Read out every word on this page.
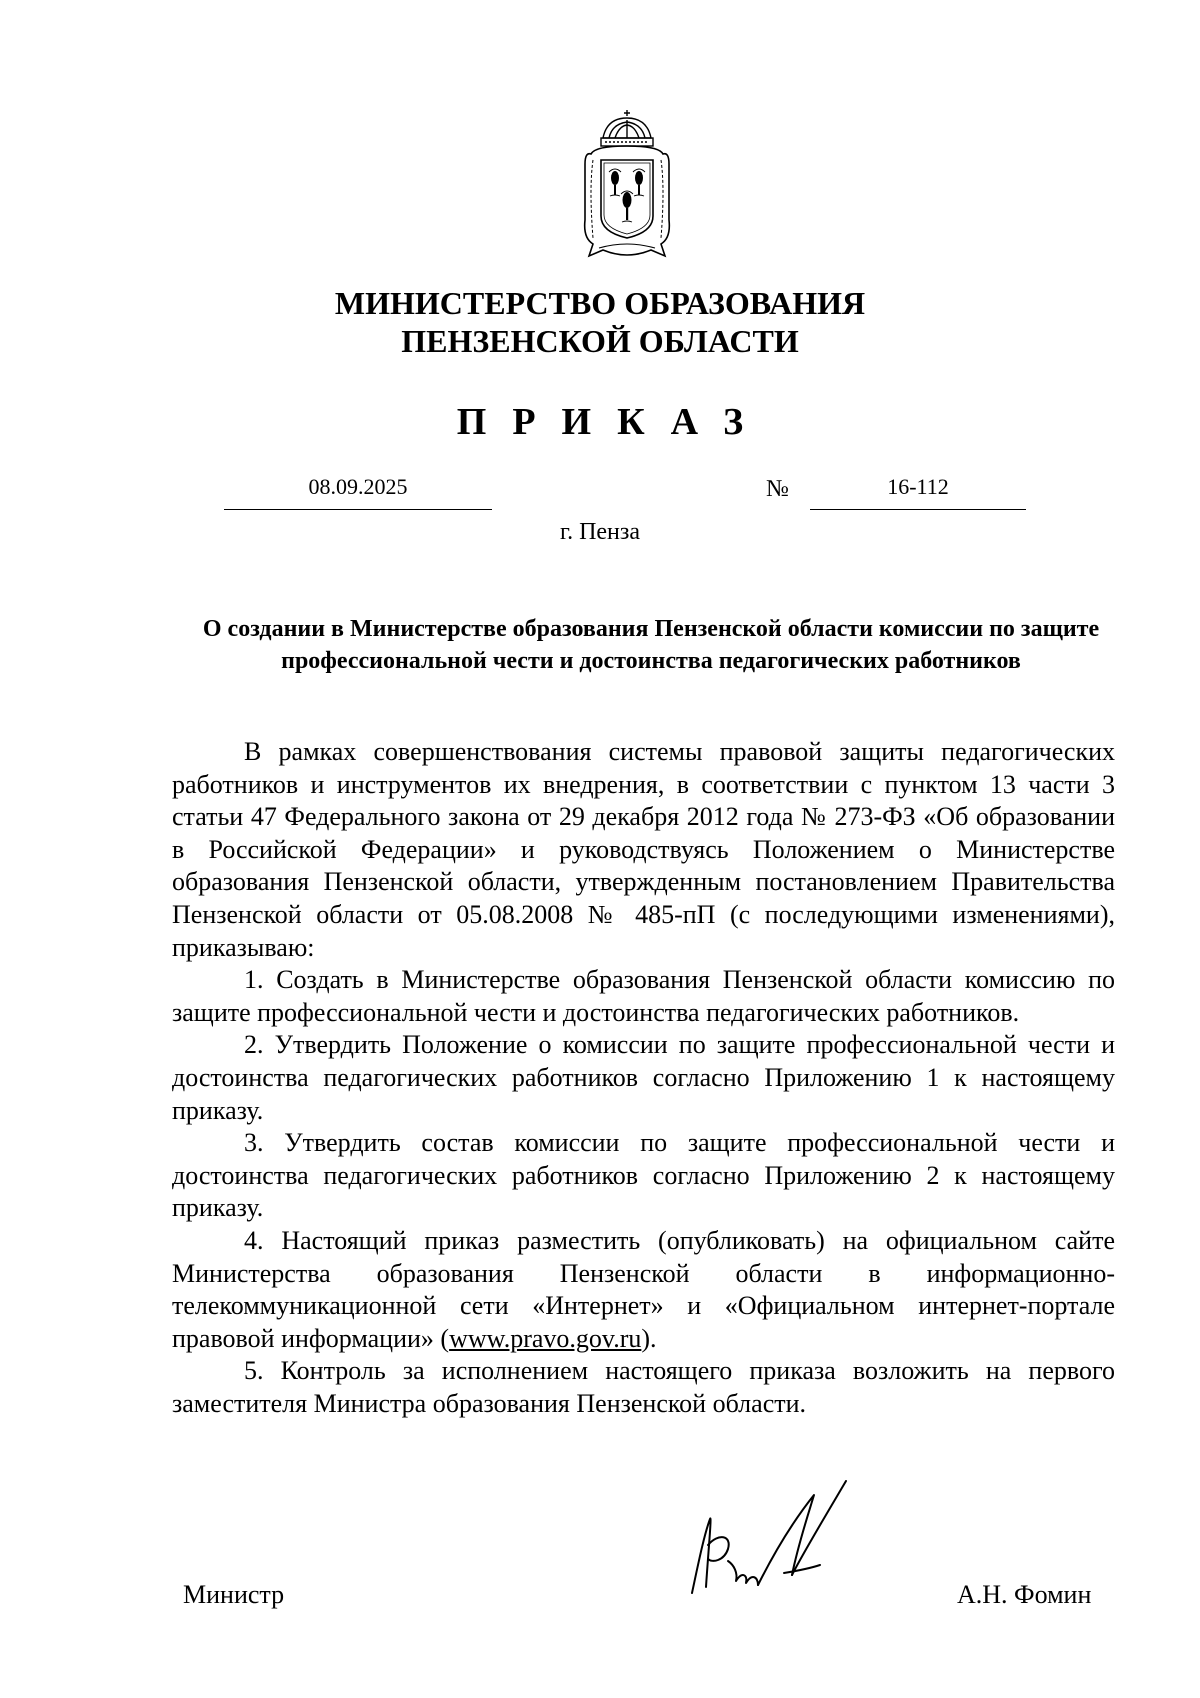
МИНИСТЕРСТВО ОБРАЗОВАНИЯ
ПЕНЗЕНСКОЙ ОБЛАСТИ
ПРИКАЗ
08.09.2025	№	16-112
г. Пенза
О создании в Министерстве образования Пензенской области комиссии по защите профессиональной чести и достоинства педагогических работников

В рамках совершенствования системы правовой защиты педагогических работников и инструментов их внедрения, в соответствии с пунктом 13 части 3 статьи 47 Федерального закона от 29 декабря 2012 года № 273-ФЗ «Об образовании в Российской Федерации» и руководствуясь Положением о Министерстве образования Пензенской области, утвержденным постановлением Правительства Пензенской области от 05.08.2008 № 485-пП (с последующими изменениями), приказываю:

1. Создать в Министерстве образования Пензенской области комиссию по защите профессиональной чести и достоинства педагогических работников.

2. Утвердить Положение о комиссии по защите профессиональной чести и достоинства педагогических работников согласно Приложению 1 к настоящему приказу.

3. Утвердить состав комиссии по защите профессиональной чести и достоинства педагогических работников согласно Приложению 2 к настоящему приказу.

4. Настоящий приказ разместить (опубликовать) на официальном сайте Министерства образования Пензенской области в информационно-телекоммуникационной сети «Интернет» и «Официальном интернет-портале правовой информации» (www.pravo.gov.ru).

5. Контроль за исполнением настоящего приказа возложить на первого заместителя Министра образования Пензенской области.

Министр	А.Н. Фомин
